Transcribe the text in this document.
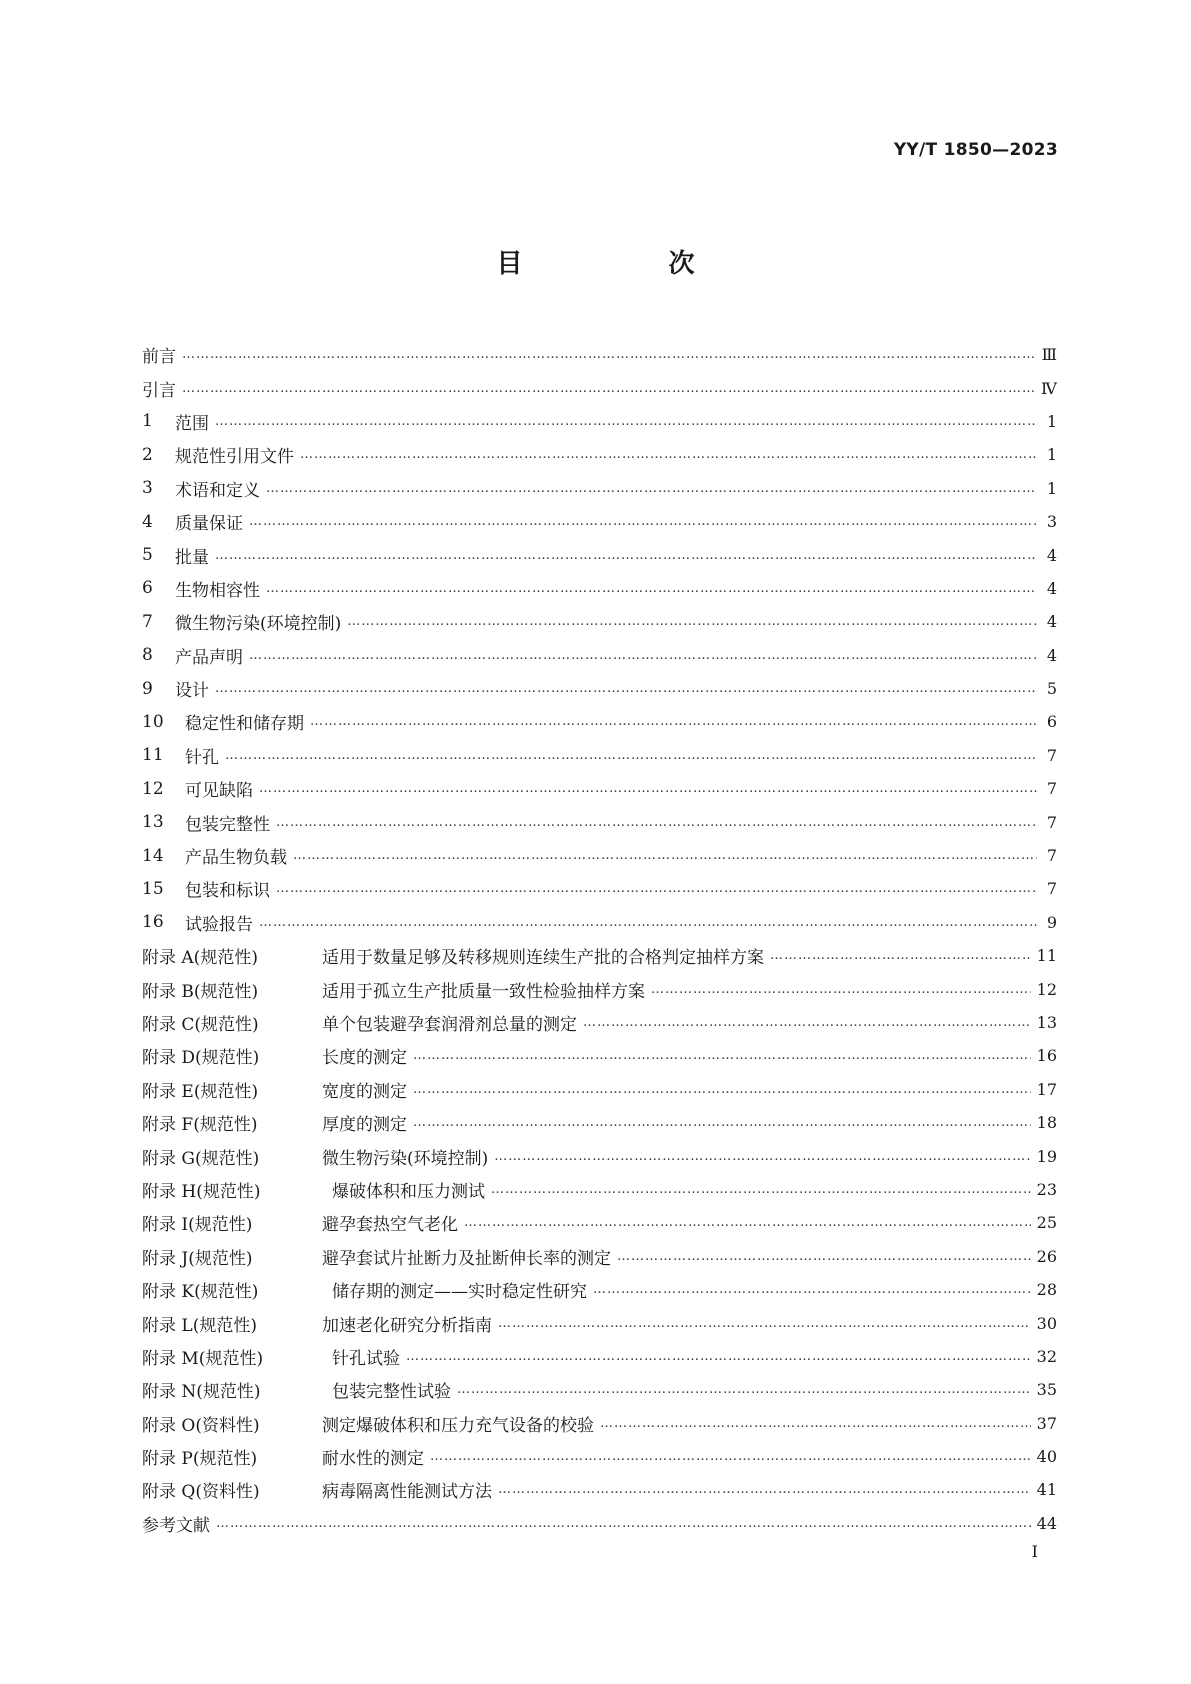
YY/T 1850—2023
目　次
前言 …………………………………………………………………………………………………………………………………………………………………………………………………………	Ⅲ
引言 …………………………………………………………………………………………………………………………………………………………………………………………………………	Ⅳ
1	范围 …………………………………………………………………………………………………………………………………………………………………………………………………………	1
2	规范性引用文件 …………………………………………………………………………………………………………………………………………………………………………………………………………	1
3	术语和定义 …………………………………………………………………………………………………………………………………………………………………………………………………………	1
4	质量保证 …………………………………………………………………………………………………………………………………………………………………………………………………………	3
5	批量 …………………………………………………………………………………………………………………………………………………………………………………………………………	4
6	生物相容性 …………………………………………………………………………………………………………………………………………………………………………………………………………	4
7	微生物污染(环境控制) …………………………………………………………………………………………………………………………………………………………………………………………………………	4
8	产品声明 …………………………………………………………………………………………………………………………………………………………………………………………………………	4
9	设计 …………………………………………………………………………………………………………………………………………………………………………………………………………	5
10	稳定性和储存期 …………………………………………………………………………………………………………………………………………………………………………………………………………	6
11	针孔 …………………………………………………………………………………………………………………………………………………………………………………………………………	7
12	可见缺陷 …………………………………………………………………………………………………………………………………………………………………………………………………………	7
13	包装完整性 …………………………………………………………………………………………………………………………………………………………………………………………………………	7
14	产品生物负载 …………………………………………………………………………………………………………………………………………………………………………………………………………	7
15	包装和标识 …………………………………………………………………………………………………………………………………………………………………………………………………………	7
16	试验报告 …………………………………………………………………………………………………………………………………………………………………………………………………………	9
附录 A(规范性)	适用于数量足够及转移规则连续生产批的合格判定抽样方案 …………………………………………………………………………………………………………………………………………………………………………………………………………	11
附录 B(规范性)	适用于孤立生产批质量一致性检验抽样方案 …………………………………………………………………………………………………………………………………………………………………………………………………………	12
附录 C(规范性)	单个包装避孕套润滑剂总量的测定 …………………………………………………………………………………………………………………………………………………………………………………………………………	13
附录 D(规范性)	长度的测定 …………………………………………………………………………………………………………………………………………………………………………………………………………	16
附录 E(规范性)	宽度的测定 …………………………………………………………………………………………………………………………………………………………………………………………………………	17
附录 F(规范性)	厚度的测定 …………………………………………………………………………………………………………………………………………………………………………………………………………	18
附录 G(规范性)	微生物污染(环境控制) …………………………………………………………………………………………………………………………………………………………………………………………………………	19
附录 H(规范性)	爆破体积和压力测试 …………………………………………………………………………………………………………………………………………………………………………………………………………	23
附录 I(规范性)	避孕套热空气老化 …………………………………………………………………………………………………………………………………………………………………………………………………………	25
附录 J(规范性)	避孕套试片扯断力及扯断伸长率的测定 …………………………………………………………………………………………………………………………………………………………………………………………………………	26
附录 K(规范性)	储存期的测定——实时稳定性研究 …………………………………………………………………………………………………………………………………………………………………………………………………………	28
附录 L(规范性)	加速老化研究分析指南 …………………………………………………………………………………………………………………………………………………………………………………………………………	30
附录 M(规范性)	针孔试验 …………………………………………………………………………………………………………………………………………………………………………………………………………	32
附录 N(规范性)	包装完整性试验 …………………………………………………………………………………………………………………………………………………………………………………………………………	35
附录 O(资料性)	测定爆破体积和压力充气设备的校验 …………………………………………………………………………………………………………………………………………………………………………………………………………	37
附录 P(规范性)	耐水性的测定 …………………………………………………………………………………………………………………………………………………………………………………………………………	40
附录 Q(资料性)	病毒隔离性能测试方法 …………………………………………………………………………………………………………………………………………………………………………………………………………	41
参考文献 …………………………………………………………………………………………………………………………………………………………………………………………………………	44
I
